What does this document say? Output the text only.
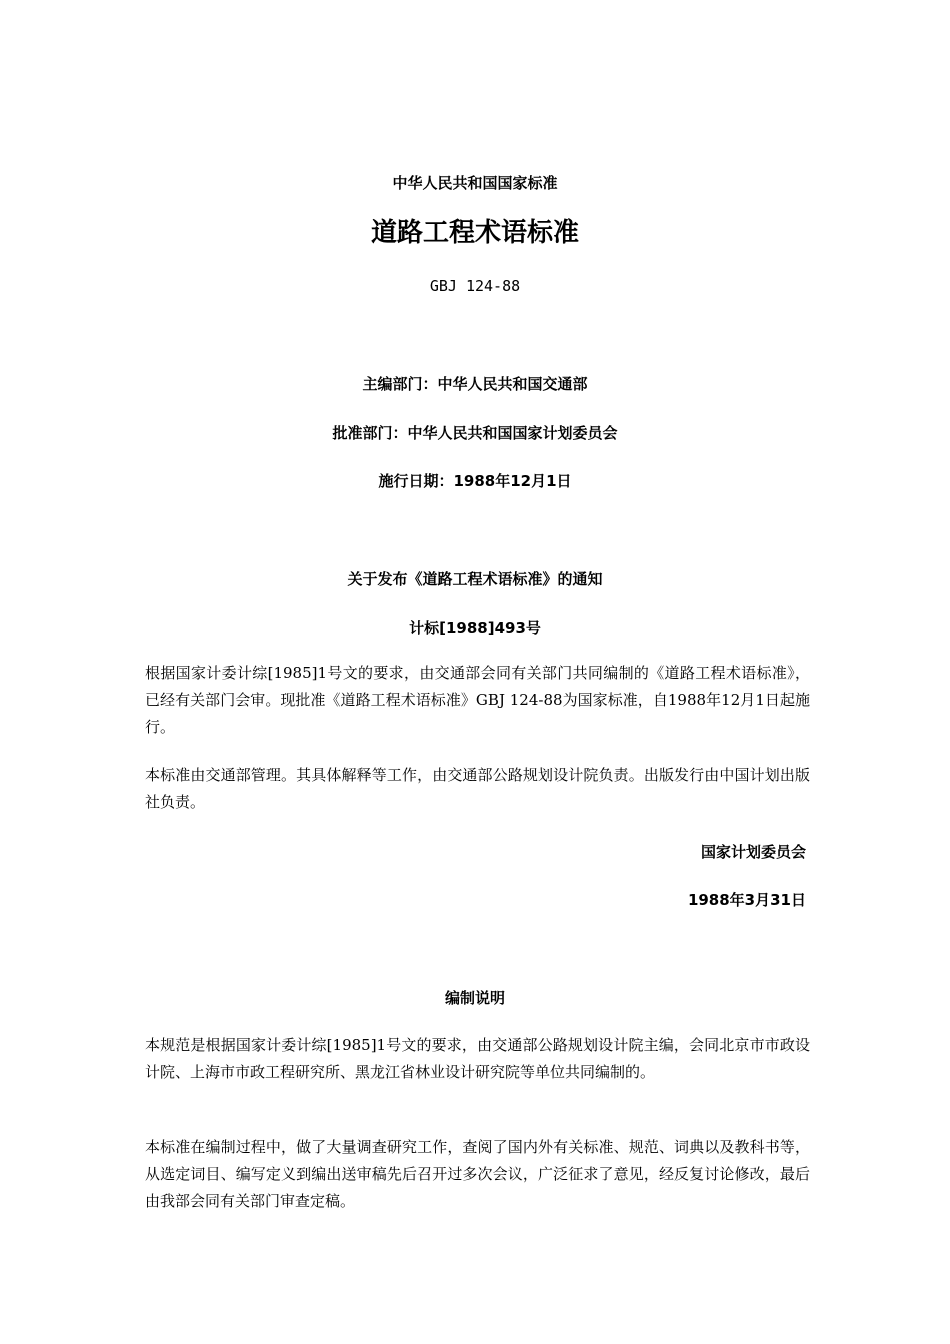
中华人民共和国国家标准

道路工程术语标准

GBJ 124-88

主编部门：中华人民共和国交通部

批准部门：中华人民共和国国家计划委员会

施行日期：1988年12月1日

关于发布《道路工程术语标准》的通知

计标[1988]493号

根据国家计委计综[1985]1号文的要求，由交通部会同有关部门共同编制的《道路工程术语标准》，已经有关部门会审。现批准《道路工程术语标准》GBJ 124-88为国家标准，自1988年12月1日起施行。

本标准由交通部管理。其具体解释等工作，由交通部公路规划设计院负责。出版发行由中国计划出版社负责。

国家计划委员会

1988年3月31日

编制说明

本规范是根据国家计委计综[1985]1号文的要求，由交通部公路规划设计院主编，会同北京市市政设计院、上海市市政工程研究所、黑龙江省林业设计研究院等单位共同编制的。

本标准在编制过程中，做了大量调查研究工作，查阅了国内外有关标准、规范、词典以及教科书等，从选定词目、编写定义到编出送审稿先后召开过多次会议，广泛征求了意见，经反复讨论修改，最后由我部会同有关部门审查定稿。
